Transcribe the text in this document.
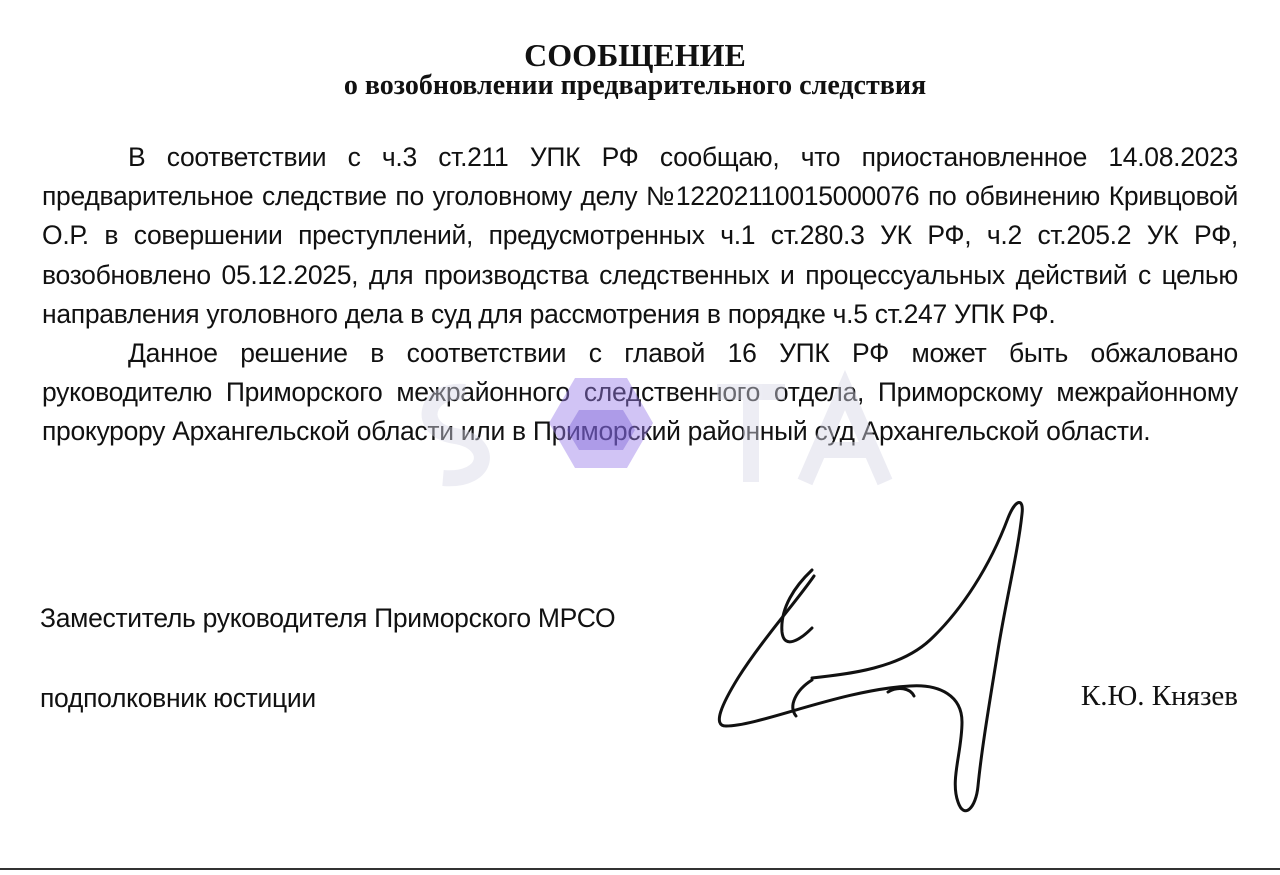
СООБЩЕНИЕ
о возобновлении предварительного следствия

В соответствии с ч.3 ст.211 УПК РФ сообщаю, что приостановленное 14.08.2023 предварительное следствие по уголовному делу №12202110015000076 по обвинению Кривцовой О.Р. в совершении преступлений, предусмотренных ч.1 ст.280.3 УК РФ, ч.2 ст.205.2 УК РФ, возобновлено 05.12.2025, для производства следственных и процессуальных действий с целью направления уголовного дела в суд для рассмотрения в порядке ч.5 ст.247 УПК РФ.

Данное решение в соответствии с главой 16 УПК РФ может быть обжаловано руководителю Приморского межрайонного следственного отдела, Приморскому межрайонному прокурору Архангельской области или в Приморский районный суд Архангельской области.

Заместитель руководителя Приморского МРСО
подполковник юстиции	К.Ю. Князев
